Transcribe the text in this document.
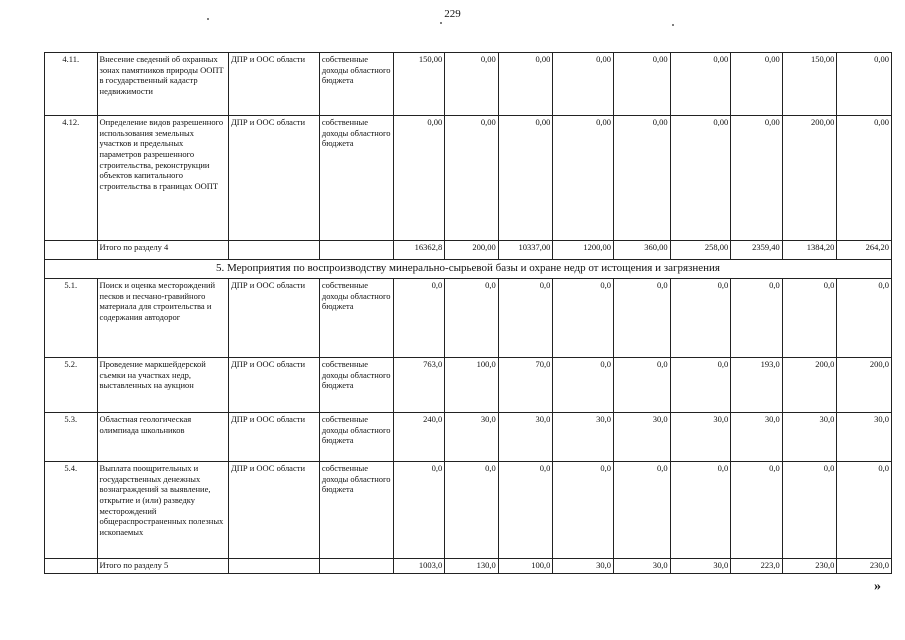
229
4.11.	Внесение сведений об охранных зонах памятников природы ООПТ в государственный кадастр недвижимости	ДПР и ООС области	собственные доходы областного бюджета	150,00	0,00	0,00	0,00	0,00	0,00	0,00	150,00	0,00
4.12.	Определение видов разрешенного использования земельных участков и предельных параметров разрешенного строительства, реконструкции объектов капитального строительства в границах ООПТ	ДПР и ООС области	собственные доходы областного бюджета	0,00	0,00	0,00	0,00	0,00	0,00	0,00	200,00	0,00
	Итого по разделу 4			16362,8	200,00	10337,00	1200,00	360,00	258,00	2359,40	1384,20	264,20
5. Мероприятия по воспроизводству минерально-сырьевой базы и охране недр от истощения и загрязнения												
5.1.	Поиск и оценка месторождений песков и песчано-гравийного материала для строительства и содержания автодорог	ДПР и ООС области	собственные доходы областного бюджета	0,0	0,0	0,0	0,0	0,0	0,0	0,0	0,0	0,0
5.2.	Проведение маркшейдерской съемки на участках недр, выставленных на аукцион	ДПР и ООС области	собственные доходы областного бюджета	763,0	100,0	70,0	0,0	0,0	0,0	193,0	200,0	200,0
5.3.	Областная геологическая олимпиада школьников	ДПР и ООС области	собственные доходы областного бюджета	240,0	30,0	30,0	30,0	30,0	30,0	30,0	30,0	30,0
5.4.	Выплата поощрительных и государственных денежных вознаграждений за выявление, открытие и (или) разведку месторождений общераспространенных полезных ископаемых	ДПР и ООС области	собственные доходы областного бюджета	0,0	0,0	0,0	0,0	0,0	0,0	0,0	0,0	0,0
	Итого по разделу 5			1003,0	130,0	100,0	30,0	30,0	30,0	223,0	230,0	230,0
»
